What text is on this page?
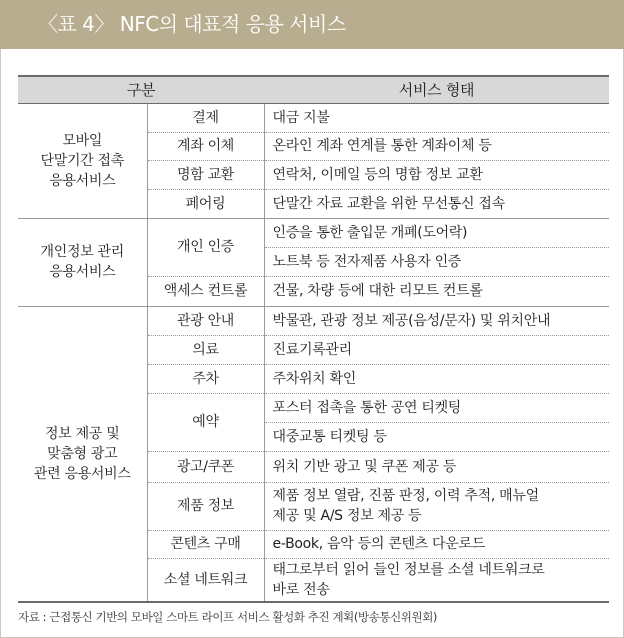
〈표 4〉 NFC의 대표적 응용 서비스
구분		서비스 형태
모바일
단말기간 접촉
응용서비스	결제	대금 지불
	계좌 이체	온라인 계좌 연계를 통한 계좌이체 등
	명함 교환	연락처, 이메일 등의 명함 정보 교환
	페어링	단말간 자료 교환을 위한 무선통신 접속
개인정보 관리
응용서비스	개인 인증	인증을 통한 출입문 개폐(도어락)
		노트북 등 전자제품 사용자 인증
	액세스 컨트롤	건물, 차량 등에 대한 리모트 컨트롤
정보 제공 및
맞춤형 광고
관련 응용서비스	관광 안내	박물관, 관광 정보 제공(음성/문자) 및 위치안내
	의료	진료기록관리
	주차	주차위치 확인
	예약	포스터 접촉을 통한 공연 티켓팅
		대중교통 티켓팅 등
	광고/쿠폰	위치 기반 광고 및 쿠폰 제공 등
	제품 정보	제품 정보 열람, 진품 판정, 이력 추적, 매뉴얼
제공 및 A/S 정보 제공 등
	콘텐츠 구매	e-Book, 음악 등의 콘텐츠 다운로드
	소셜 네트워크	태그로부터 읽어 들인 정보를 소셜 네트워크로
바로 전송
자료 : 근접통신 기반의 모바일 스마트 라이프 서비스 활성화 추진 계획(방송통신위원회)
